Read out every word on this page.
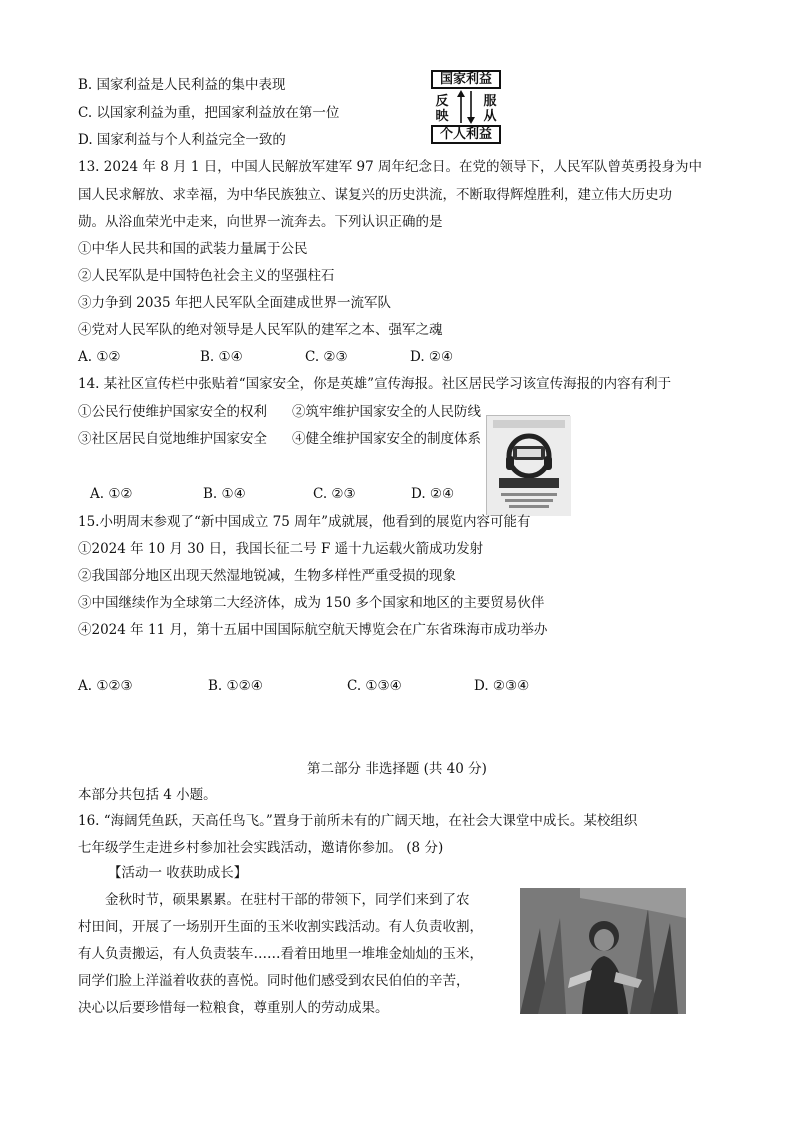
B. 国家利益是人民利益的集中表现
C. 以国家利益为重，把国家利益放在第一位
D. 国家利益与个人利益完全一致的
国家利益
反
映
服
从
个人利益
13. 2024 年 8 月 1 日，中国人民解放军建军 97 周年纪念日。在党的领导下，人民军队曾英勇投身为中
国人民求解放、求幸福，为中华民族独立、谋复兴的历史洪流，不断取得辉煌胜利，建立伟大历史功
勋。从浴血荣光中走来，向世界一流奔去。下列认识正确的是
①中华人民共和国的武装力量属于公民
②人民军队是中国特色社会主义的坚强柱石
③力争到 2035 年把人民军队全面建成世界一流军队
④党对人民军队的绝对领导是人民军队的建军之本、强军之魂
A. ①②	B. ①④	C. ②③	D. ②④
14. 某社区宣传栏中张贴着“国家安全，你是英雄”宣传海报。社区居民学习该宣传海报的内容有利于
①公民行使维护国家安全的权利 ②筑牢维护国家安全的人民防线
③社区居民自觉地维护国家安全 ④健全维护国家安全的制度体系
A. ①②	B. ①④	C. ②③	D. ②④
15.小明周末参观了“新中国成立 75 周年”成就展，他看到的展览内容可能有
①2024 年 10 月 30 日，我国长征二号 F 遥十九运载火箭成功发射
②我国部分地区出现天然湿地锐减，生物多样性严重受损的现象
③中国继续作为全球第二大经济体，成为 150 多个国家和地区的主要贸易伙伴
④2024 年 11 月，第十五届中国国际航空航天博览会在广东省珠海市成功举办
A. ①②③	B. ①②④	C. ①③④	D. ②③④
第二部分 非选择题 (共 40 分)
本部分共包括 4 小题。
16. “海阔凭鱼跃，天高任鸟飞。”置身于前所未有的广阔天地，在社会大课堂中成长。某校组织
七年级学生走进乡村参加社会实践活动，邀请你参加。 (8 分)
【活动一 收获助成长】
金秋时节，硕果累累。在驻村干部的带领下，同学们来到了农
村田间，开展了一场别开生面的玉米收割实践活动。有人负责收割，
有人负责搬运，有人负责装车……看着田地里一堆堆金灿灿的玉米，
同学们脸上洋溢着收获的喜悦。同时他们感受到农民伯伯的辛苦，
决心以后要珍惜每一粒粮食，尊重别人的劳动成果。
